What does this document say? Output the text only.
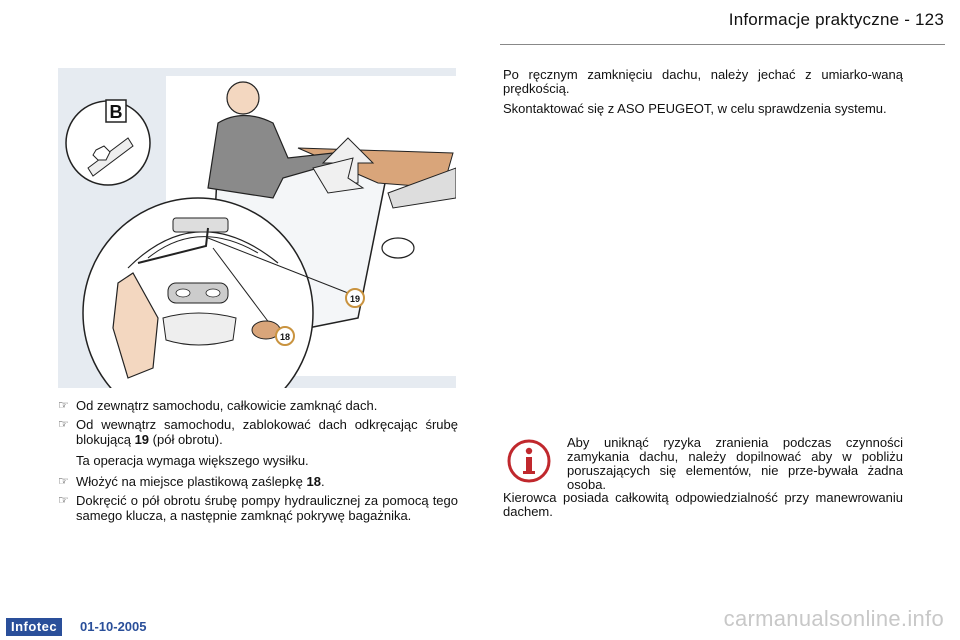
Informacje praktyczne - 123
B
19
18
☞ Od zewnątrz samochodu, całkowicie zamknąć dach.
☞ Od wewnątrz samochodu, zablokować dach odkręcając śrubę blokującą 19 (pół obrotu).
Ta operacja wymaga większego wysiłku.
☞ Włożyć na miejsce plastikową zaślepkę 18.
☞ Dokręcić o pół obrotu śrubę pompy hydraulicznej za pomocą tego samego klucza, a następnie zamknąć pokrywę bagażnika.

Po ręcznym zamknięciu dachu, należy jechać z umiarko-waną prędkością.

Skontaktować się z ASO PEUGEOT, w celu sprawdzenia systemu.

Aby uniknąć ryzyka zranienia podczas czynności zamykania dachu, należy dopilnować aby w pobliżu poruszających się elementów, nie prze-bywała żadna osoba.
Kierowca posiada całkowitą odpowiedzialność przy manewrowaniu dachem.
Infotec	01-10-2005	carmanualsonline.info
